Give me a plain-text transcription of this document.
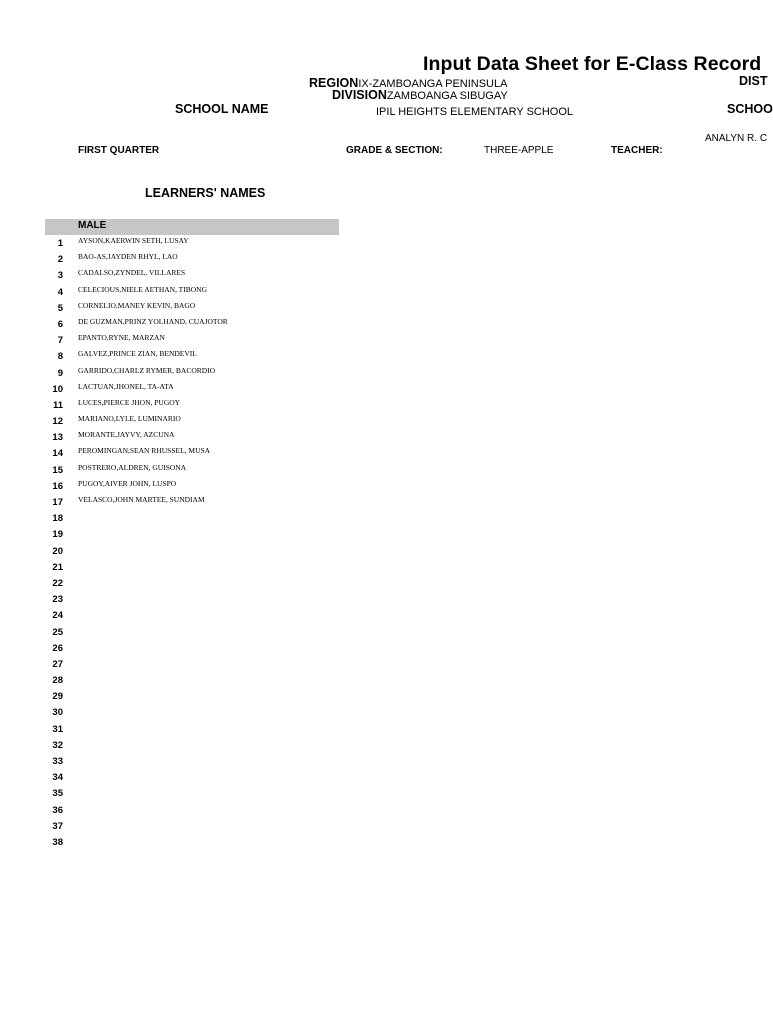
Input Data Sheet for E-Class Record
DIST
REGIONIX-ZAMBOANGA PENINSULA
DIVISIONZAMBOANGA SIBUGAY
SCHOOL NAME	IPIL HEIGHTS ELEMENTARY SCHOOL	SCHOO
ANALYN R. C
FIRST QUARTER	GRADE & SECTION:	THREE-APPLE	TEACHER:
LEARNERS' NAMES
MALE
1 AYSON,KAERWIN SETH, LUSAY
2 BAO-AS,JAYDEN RHYL, LAO
3 CADALSO,ZYNDEL, VILLARES
4 CELECIOUS,NIELE AETHAN, TIBONG
5 CORNELIO,MANEY KEVIN, BAGO
6 DE GUZMAN,PRINZ YOLHAND, CUAJOTOR
7 EPANTO,RYNE, MARZAN
8 GALVEZ,PRINCE ZIAN, BENDEVIL
9 GARRIDO,CHARLZ RYMER, BACORDIO
10 LACTUAN,JHONEL, TA-ATA
11 LUCES,PIERCE JHON, PUGOY
12 MARIANO,LYLE, LUMINARIO
13 MORANTE,JAYVY, AZCUNA
14 PEROMINGAN,SEAN RHUSSEL, MUSA
15 POSTRERO,ALDREN, GUISONA
16 PUGOY,AIVER JOHN, LUSPO
17 VELASCO,JOHN MARTEE, SUNDIAM
18
19
20
21
22
23
24
25
26
27
28
29
30
31
32
33
34
35
36
37
38
